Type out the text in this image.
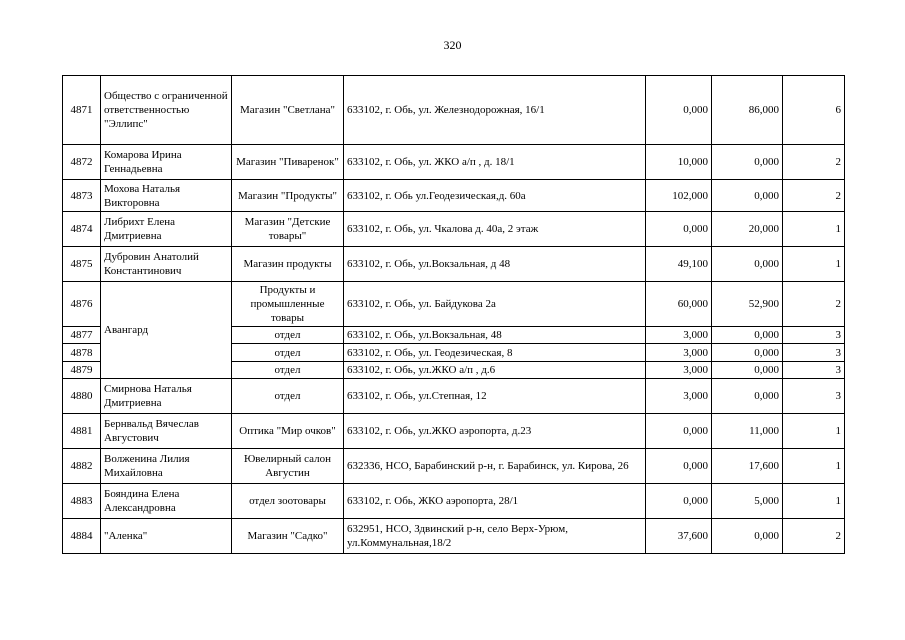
320
4871	Общество с ограниченной ответственностью "Эллипс"	Магазин "Светлана"	633102, г. Обь, ул. Железнодорожная, 16/1	0,000	86,000	6
4872	Комарова Ирина Геннадьевна	Магазин "Пиваренок"	633102, г. Обь, ул. ЖКО а/п , д. 18/1	10,000	0,000	2
4873	Мохова Наталья Викторовна	Магазин "Продукты"	633102, г. Обь ул.Геодезическая,д. 60а	102,000	0,000	2
4874	Либрихт Елена Дмитриевна	Магазин "Детские товары"	633102, г. Обь, ул. Чкалова д. 40а, 2 этаж	0,000	20,000	1
4875	Дубровин Анатолий Константинович	Магазин продукты	633102, г. Обь, ул.Вокзальная, д 48	49,100	0,000	1
4876	Авангард	Продукты и промышленные товары	633102, г. Обь, ул. Байдукова 2а	60,000	52,900	2
4877		отдел	633102, г. Обь, ул.Вокзальная, 48	3,000	0,000	3
4878		отдел	633102, г. Обь, ул. Геодезическая, 8	3,000	0,000	3
4879		отдел	633102, г. Обь, ул.ЖКО а/п , д.6	3,000	0,000	3
4880	Смирнова Наталья Дмитриевна	отдел	633102, г. Обь, ул.Степная, 12	3,000	0,000	3
4881	Бернвальд Вячеслав Августович	Оптика "Мир очков"	633102, г. Обь, ул.ЖКО аэропорта, д.23	0,000	11,000	1
4882	Волженина Лилия Михайловна	Ювелирный салон Августин	632336, НСО, Барабинский р-н, г. Барабинск, ул. Кирова, 26	0,000	17,600	1
4883	Бояндина Елена Александровна	отдел зоотовары	633102, г. Обь, ЖКО аэропорта, 28/1	0,000	5,000	1
4884	"Аленка"	Магазин "Садко"	632951, НСО, Здвинский р-н, село Верх-Урюм, ул.Коммунальная,18/2	37,600	0,000	2
